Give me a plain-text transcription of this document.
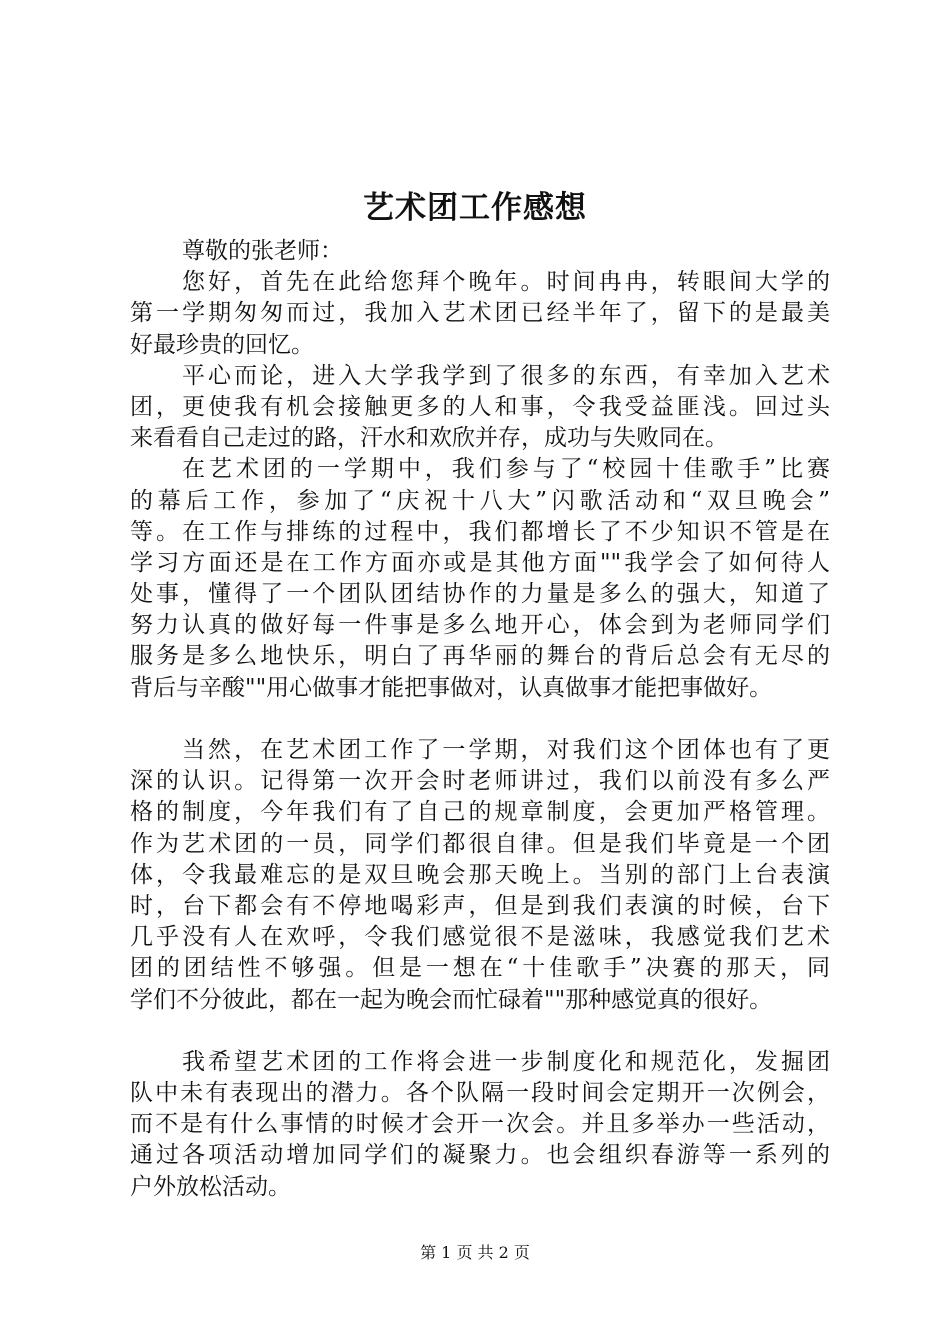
艺术团工作感想
尊敬的张老师：
您好，首先在此给您拜个晚年。时间冉冉，转眼间大学的
第一学期匆匆而过，我加入艺术团已经半年了，留下的是最美
好最珍贵的回忆。
平心而论，进入大学我学到了很多的东西，有幸加入艺术
团，更使我有机会接触更多的人和事，令我受益匪浅。回过头
来看看自己走过的路，汗水和欢欣并存，成功与失败同在。
在艺术团的一学期中，我们参与了“校园十佳歌手”比赛
的幕后工作，参加了“庆祝十八大”闪歌活动和“双旦晚会”
等。在工作与排练的过程中，我们都增长了不少知识不管是在
学习方面还是在工作方面亦或是其他方面""我学会了如何待人
处事，懂得了一个团队团结协作的力量是多么的强大，知道了
努力认真的做好每一件事是多么地开心，体会到为老师同学们
服务是多么地快乐，明白了再华丽的舞台的背后总会有无尽的
背后与辛酸""用心做事才能把事做对，认真做事才能把事做好。
当然，在艺术团工作了一学期，对我们这个团体也有了更
深的认识。记得第一次开会时老师讲过，我们以前没有多么严
格的制度，今年我们有了自己的规章制度，会更加严格管理。
作为艺术团的一员，同学们都很自律。但是我们毕竟是一个团
体，令我最难忘的是双旦晚会那天晚上。当别的部门上台表演
时，台下都会有不停地喝彩声，但是到我们表演的时候，台下
几乎没有人在欢呼，令我们感觉很不是滋味，我感觉我们艺术
团的团结性不够强。但是一想在“十佳歌手”决赛的那天，同
学们不分彼此，都在一起为晚会而忙碌着""那种感觉真的很好。
我希望艺术团的工作将会进一步制度化和规范化，发掘团
队中未有表现出的潜力。各个队隔一段时间会定期开一次例会，
而不是有什么事情的时候才会开一次会。并且多举办一些活动，
通过各项活动增加同学们的凝聚力。也会组织春游等一系列的
户外放松活动。
第 1 页 共 2 页
